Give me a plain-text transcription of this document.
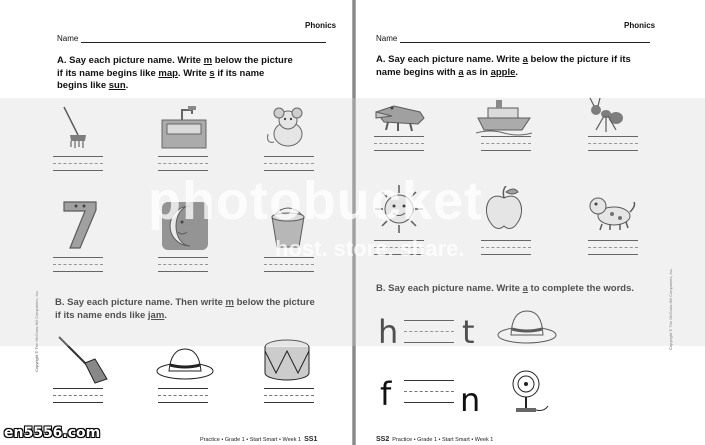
Phonics
Name
A. Say each picture name. Write m below the picture if its name begins like map. Write s if its name begins like sun.
B. Say each picture name. Then write m below the picture if its name ends like jam.
Copyright © The McGraw-Hill Companies, Inc.
Practice • Grade 1 • Start Smart • Week 1 SS1
Phonics
Name
A. Say each picture name. Write a below the picture if its name begins with a as in apple.
B. Say each picture name. Write a to complete the words.
h t
f n
Copyright © The McGraw-Hill Companies, Inc.
SS2 Practice • Grade 1 • Start Smart • Week 1
photobucket
host. store. share.
en5556.com
